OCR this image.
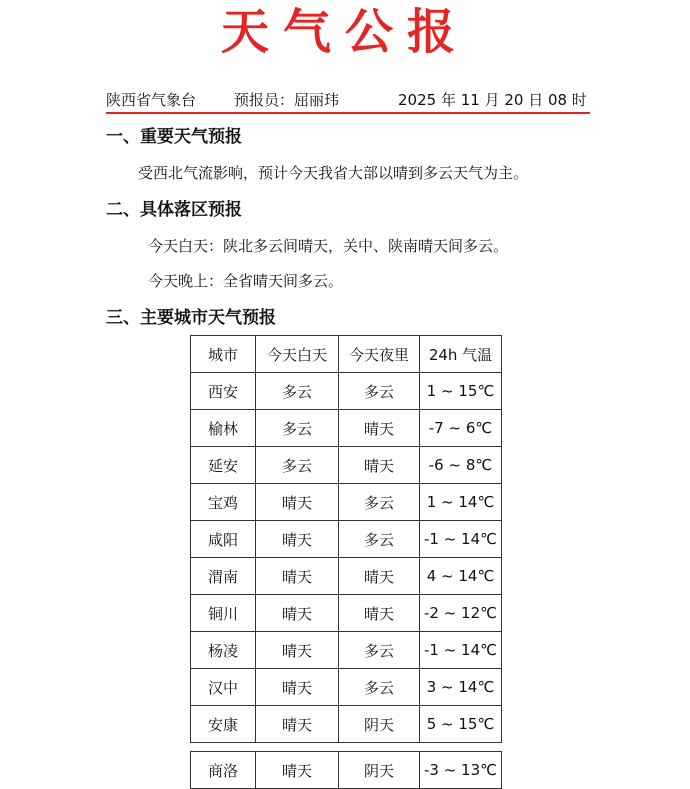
天气公报
陕西省气象台	预报员：屈丽玮	2025 年 11 月 20 日 08 时
一、重要天气预报
受西北气流影响，预计今天我省大部以晴到多云天气为主。
二、具体落区预报
今天白天：陕北多云间晴天，关中、陕南晴天间多云。
今天晚上：全省晴天间多云。
三、主要城市天气预报
城市	今天白天	今天夜里	24h 气温
西安	多云	多云	1 ~ 15℃
榆林	多云	晴天	-7 ~ 6℃
延安	多云	晴天	-6 ~ 8℃
宝鸡	晴天	多云	1 ~ 14℃
咸阳	晴天	多云	-1 ~ 14℃
渭南	晴天	晴天	4 ~ 14℃
铜川	晴天	晴天	-2 ~ 12℃
杨凌	晴天	多云	-1 ~ 14℃
汉中	晴天	多云	3 ~ 14℃
安康	晴天	阴天	5 ~ 15℃

商洛	晴天	阴天	-3 ~ 13℃
